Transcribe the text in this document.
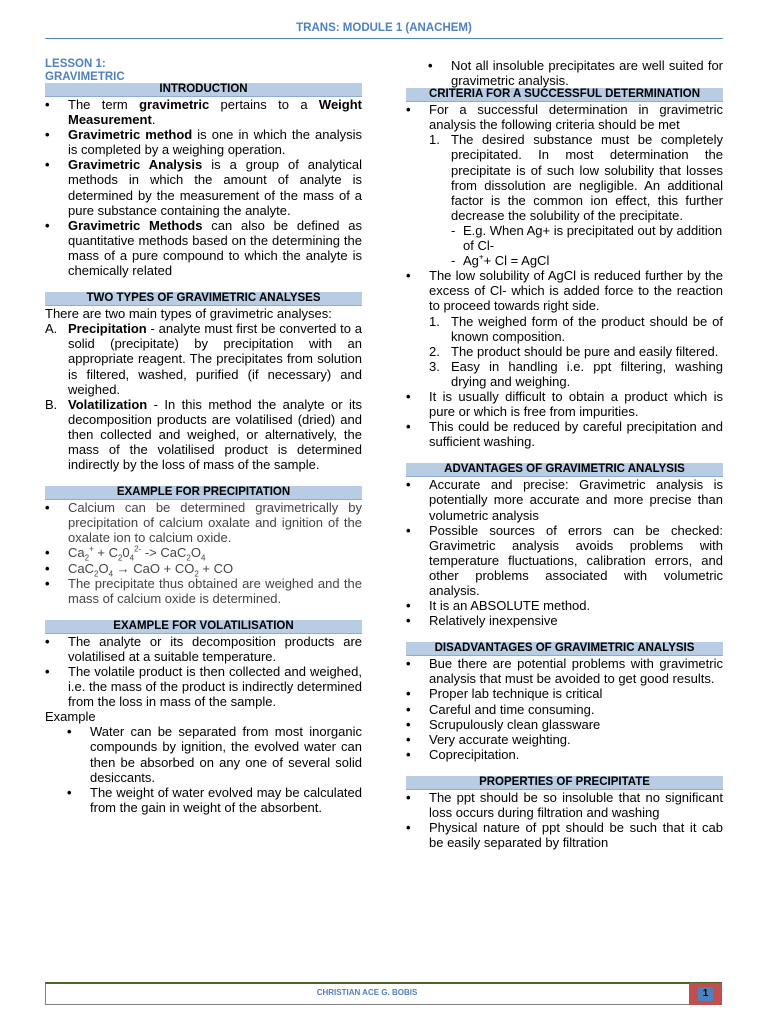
TRANS: MODULE 1 (ANACHEM)
LESSON 1:
GRAVIMETRIC
INTRODUCTION
•	The term gravimetric pertains to a Weight Measurement.
•	Gravimetric method is one in which the analysis is completed by a weighing operation.
•	Gravimetric Analysis is a group of analytical methods in which the amount of analyte is determined by the measurement of the mass of a pure substance containing the analyte.
•	Gravimetric Methods can also be defined as quantitative methods based on the determining the mass of a pure compound to which the analyte is chemically related
TWO TYPES OF GRAVIMETRIC ANALYSES
There are two main types of gravimetric analyses:
A. Precipitation - analyte must first be converted to a solid (precipitate) by precipitation with an appropriate reagent. The precipitates from solution is filtered, washed, purified (if necessary) and weighed.
B. Volatilization - In this method the analyte or its decomposition products are volatilised (dried) and then collected and weighed, or alternatively, the mass of the volatilised product is determined indirectly by the loss of mass of the sample.
EXAMPLE FOR PRECIPITATION
•	Calcium can be determined gravimetrically by precipitation of calcium oxalate and ignition of the oxalate ion to calcium oxide.
•	$Ca_2^+ + C_20_4^{2-} -> CaC_2O_4$
•	$CaC_2O_4$ → CaO + $CO_2$ + CO
•	The precipitate thus obtained are weighed and the mass of calcium oxide is determined.
EXAMPLE FOR VOLATILISATION
•	The analyte or its decomposition products are volatilised at a suitable temperature.
•	The volatile product is then collected and weighed, i.e. the mass of the product is indirectly determined from the loss in mass of the sample.
Example
•	Water can be separated from most inorganic compounds by ignition, the evolved water can then be absorbed on any one of several solid desiccants.
•	The weight of water evolved may be calculated from the gain in weight of the absorbent.
•	Not all insoluble precipitates are well suited for gravimetric analysis.
CRITERIA FOR A SUCCESSFUL DETERMINATION
•	For a successful determination in gravimetric analysis the following criteria should be met
1. The desired substance must be completely precipitated. In most determination the precipitate is of such low solubility that losses from dissolution are negligible. An additional factor is the common ion effect, this further decrease the solubility of the precipitate.
- E.g. When Ag+ is precipitated out by addition of Cl-
- Ag++ Cl = AgCl
•	The low solubility of AgCl is reduced further by the excess of Cl- which is added force to the reaction to proceed towards right side.
1. The weighed form of the product should be of known composition.
2. The product should be pure and easily filtered.
3. Easy in handling i.e. ppt filtering, washing drying and weighing.
•	It is usually difficult to obtain a product which is pure or which is free from impurities.
•	This could be reduced by careful precipitation and sufficient washing.
ADVANTAGES OF GRAVIMETRIC ANALYSIS
•	Accurate and precise: Gravimetric analysis is potentially more accurate and more precise than volumetric analysis
•	Possible sources of errors can be checked: Gravimetric analysis avoids problems with temperature fluctuations, calibration errors, and other problems associated with volumetric analysis.
•	It is an ABSOLUTE method.
•	Relatively inexpensive
DISADVANTAGES OF GRAVIMETRIC ANALYSIS
•	Bue there are potential problems with gravimetric analysis that must be avoided to get good results.
•	Proper lab technique is critical
•	Careful and time consuming.
•	Scrupulously clean glassware
•	Very accurate weighting.
•	Coprecipitation.
PROPERTIES OF PRECIPITATE
•	The ppt should be so insoluble that no significant loss occurs during filtration and washing
•	Physical nature of ppt should be such that it cab be easily separated by filtration
CHRISTIAN ACE G. BOBIS	1
